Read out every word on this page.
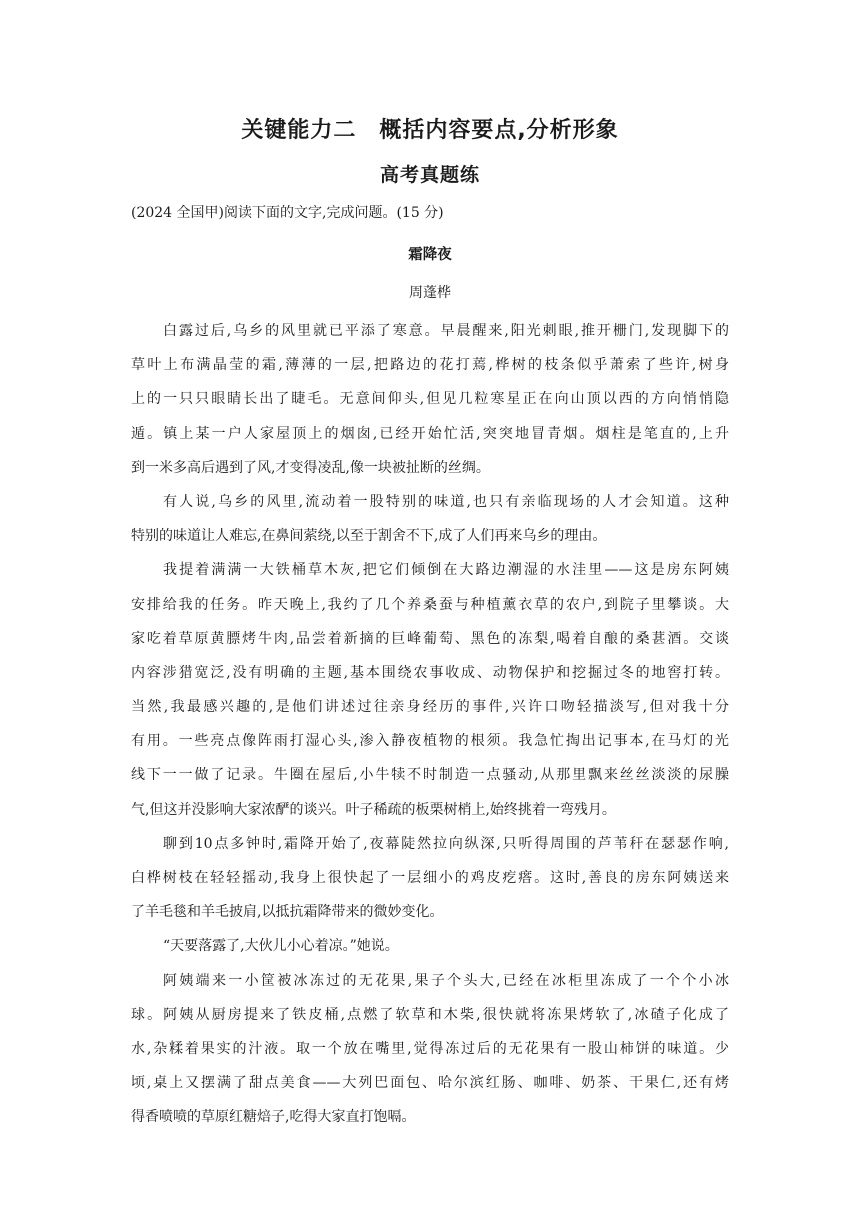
关键能力二　概括内容要点,分析形象
高考真题练
(2024 全国甲)阅读下面的文字,完成问题。(15 分)
霜降夜
周蓬桦
白露过后,乌乡的风里就已平添了寒意。早晨醒来,阳光刺眼,推开栅门,发现脚下的
草叶上布满晶莹的霜,薄薄的一层,把路边的花打蔫,桦树的枝条似乎萧索了些许,树身
上的一只只眼睛长出了睫毛。无意间仰头,但见几粒寒星正在向山顶以西的方向悄悄隐
遁。镇上某一户人家屋顶上的烟囱,已经开始忙活,突突地冒青烟。烟柱是笔直的,上升
到一米多高后遇到了风,才变得凌乱,像一块被扯断的丝绸。
有人说,乌乡的风里,流动着一股特别的味道,也只有亲临现场的人才会知道。这种
特别的味道让人难忘,在鼻间萦绕,以至于割舍不下,成了人们再来乌乡的理由。
我提着满满一大铁桶草木灰,把它们倾倒在大路边潮湿的水洼里——这是房东阿姨
安排给我的任务。昨天晚上,我约了几个养桑蚕与种植薰衣草的农户,到院子里攀谈。大
家吃着草原黄膘烤牛肉,品尝着新摘的巨峰葡萄、黑色的冻梨,喝着自酿的桑葚酒。交谈
内容涉猎宽泛,没有明确的主题,基本围绕农事收成、动物保护和挖掘过冬的地窖打转。
当然,我最感兴趣的,是他们讲述过往亲身经历的事件,兴许口吻轻描淡写,但对我十分
有用。一些亮点像阵雨打湿心头,渗入静夜植物的根须。我急忙掏出记事本,在马灯的光
线下一一做了记录。牛圈在屋后,小牛犊不时制造一点骚动,从那里飘来丝丝淡淡的尿臊
气,但这并没影响大家浓酽的谈兴。叶子稀疏的板栗树梢上,始终挑着一弯残月。
聊到10点多钟时,霜降开始了,夜幕陡然拉向纵深,只听得周围的芦苇秆在瑟瑟作响,
白桦树枝在轻轻摇动,我身上很快起了一层细小的鸡皮疙瘩。这时,善良的房东阿姨送来
了羊毛毯和羊毛披肩,以抵抗霜降带来的微妙变化。
“天要落露了,大伙儿小心着凉。”她说。
阿姨端来一小筐被冰冻过的无花果,果子个头大,已经在冰柜里冻成了一个个小冰
球。阿姨从厨房提来了铁皮桶,点燃了软草和木柴,很快就将冻果烤软了,冰碴子化成了
水,杂糅着果实的汁液。取一个放在嘴里,觉得冻过后的无花果有一股山柿饼的味道。少
顷,桌上又摆满了甜点美食——大列巴面包、哈尔滨红肠、咖啡、奶茶、干果仁,还有烤
得香喷喷的草原红糖焙子,吃得大家直打饱嗝。
